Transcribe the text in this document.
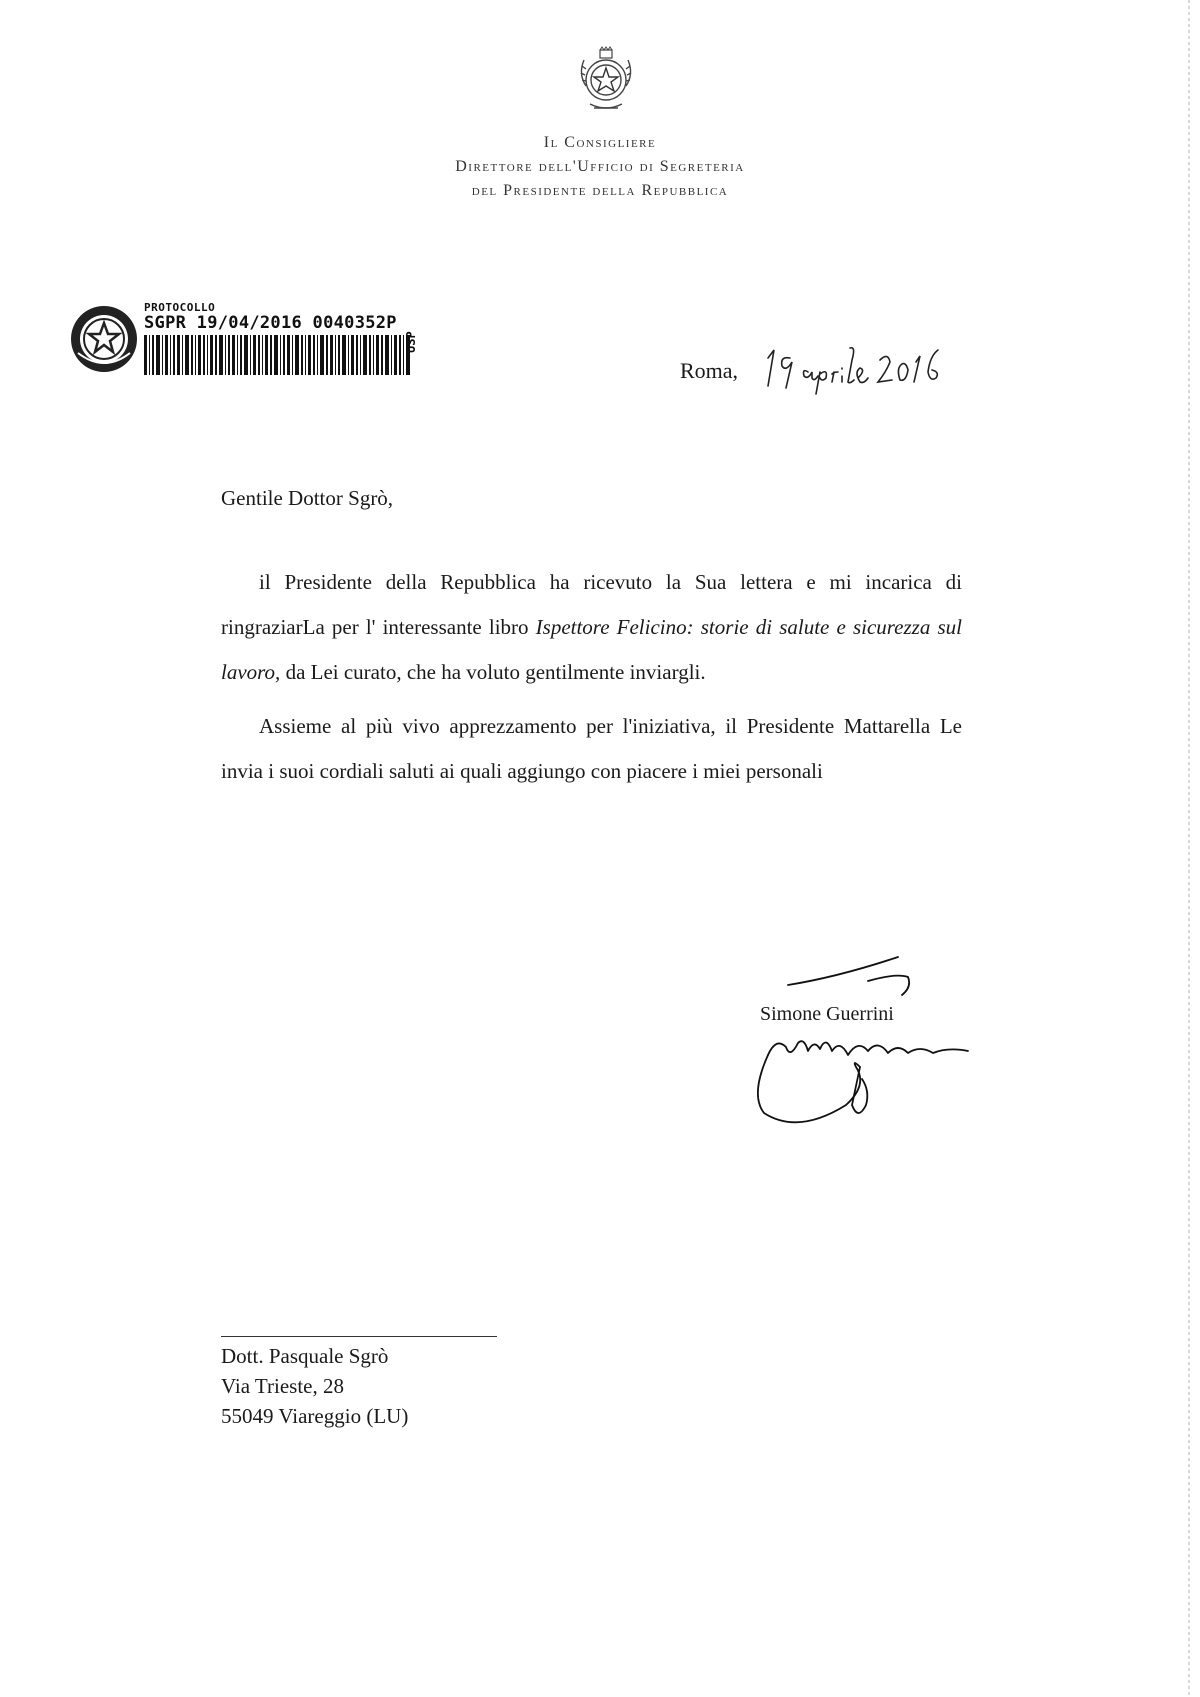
Il Consigliere
Direttore dell'Ufficio di Segreteria
del Presidente della Repubblica
PROTOCOLLO
SGPR 19/04/2016 0040352P
USP
Roma,
19 aprile 2016
Gentile Dottor Sgrò,
il Presidente della Repubblica ha ricevuto la Sua lettera e mi incarica di ringraziarLa per l' interessante libro Ispettore Felicino: storie di salute e sicurezza sul lavoro, da Lei curato, che ha voluto gentilmente inviargli.
Assieme al più vivo apprezzamento per l'iniziativa, il Presidente Mattarella Le invia i suoi cordiali saluti ai quali aggiungo con piacere i miei personali
Simone Guerrini
Dott. Pasquale Sgrò
Via Trieste, 28
55049 Viareggio (LU)
